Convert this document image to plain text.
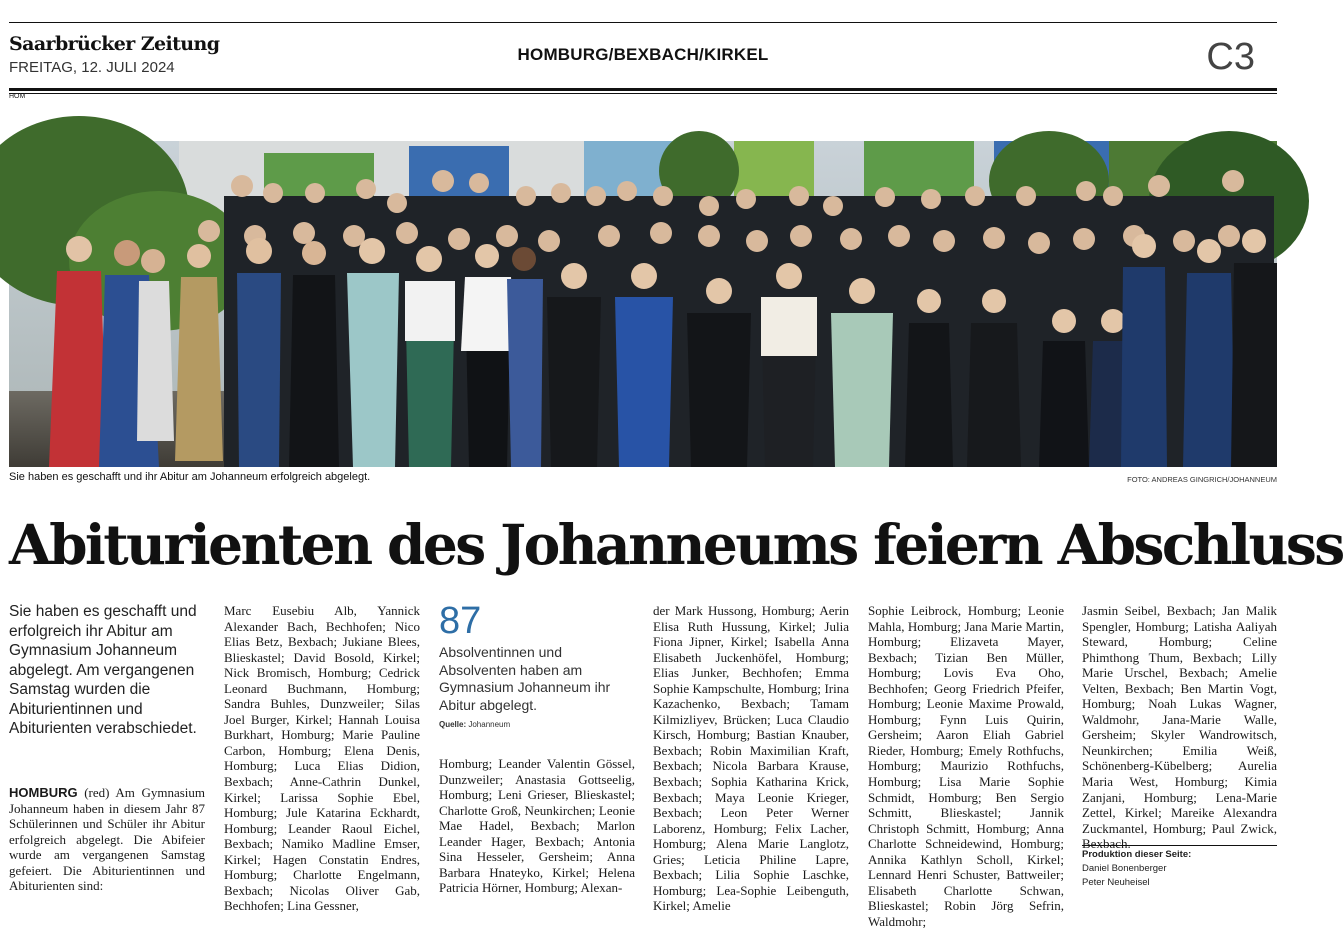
Saarbrücker Zeitung
FREITAG, 12. JULI 2024
HOMBURG/BEXBACH/KIRKEL	C3
HOM
Sie haben es geschafft und ihr Abitur am Johanneum erfolgreich abgelegt.	FOTO: ANDREAS GINGRICH/JOHANNEUM
Abiturienten des Johanneums feiern Abschluss

Sie haben es geschafft und erfolgreich ihr Abitur am Gymnasium Johanneum abgelegt. Am vergangenen Samstag wurden die Abiturientinnen und Abiturienten verabschiedet.

HOMBURG (red) Am Gymnasium Johanneum haben in diesem Jahr 87 Schülerinnen und Schüler ihr Abitur erfolgreich abgelegt. Die Abifeier wurde am vergangenen Samstag gefeiert. Die Abiturientinnen und Abiturienten sind:

Marc Eusebiu Alb, Yannick Alexander Bach, Bechhofen; Nico Elias Betz, Bexbach; Jukiane Blees, Blieskastel; David Bosold, Kirkel; Nick Bromisch, Homburg; Cedrick Leonard Buchmann, Homburg; Sandra Buhles, Dunzweiler; Silas Joel Burger, Kirkel; Hannah Louisa Burkhart, Homburg; Marie Pauline Carbon, Homburg; Elena Denis, Homburg; Luca Elias Didion, Bexbach; Anne-Cathrin Dunkel, Kirkel; Larissa Sophie Ebel, Homburg; Jule Katarina Eckhardt, Homburg; Leander Raoul Eichel, Bexbach; Namiko Madline Emser, Kirkel; Hagen Constatin Endres, Homburg; Charlotte Engelmann, Bexbach; Nicolas Oliver Gab, Bechhofen; Lina Gessner,

87
Absolventinnen und Absolventen haben am Gymnasium Johanneum ihr Abitur abgelegt.
Quelle: Johanneum

Homburg; Leander Valentin Gössel, Dunzweiler; Anastasia Gottseelig, Homburg; Leni Grieser, Blieskastel; Charlotte Groß, Neunkirchen; Leonie Mae Hadel, Bexbach; Marlon Leander Hager, Bexbach; Antonia Sina Hesseler, Gersheim; Anna Barbara Hnateyko, Kirkel; Helena Patricia Hörner, Homburg; Alexan-

der Mark Hussong, Homburg; Aerin Elisa Ruth Hussung, Kirkel; Julia Fiona Jipner, Kirkel; Isabella Anna Elisabeth Juckenhöfel, Homburg; Elias Junker, Bechhofen; Emma Sophie Kampschulte, Homburg; Irina Kazachenko, Bexbach; Tamam Kilmizliyev, Brücken; Luca Claudio Kirsch, Homburg; Bastian Knauber, Bexbach; Robin Maximilian Kraft, Bexbach; Nicola Barbara Krause, Bexbach; Sophia Katharina Krick, Bexbach; Maya Leonie Krieger, Bexbach; Leon Peter Werner Laborenz, Homburg; Felix Lacher, Homburg; Alena Marie Langlotz, Gries; Leticia Philine Lapre, Bexbach; Lilia Sophie Laschke, Homburg; Lea-Sophie Leibenguth, Kirkel; Amelie

Sophie Leibrock, Homburg; Leonie Mahla, Homburg; Jana Marie Martin, Homburg; Elizaveta Mayer, Bexbach; Tizian Ben Müller, Homburg; Lovis Eva Oho, Bechhofen; Georg Friedrich Pfeifer, Homburg; Leonie Maxime Prowald, Homburg; Fynn Luis Quirin, Gersheim; Aaron Eliah Gabriel Rieder, Homburg; Emely Rothfuchs, Homburg; Maurizio Rothfuchs, Homburg; Lisa Marie Sophie Schmidt, Homburg; Ben Sergio Schmitt, Blieskastel; Jannik Christoph Schmitt, Homburg; Anna Charlotte Schneidewind, Homburg; Annika Kathlyn Scholl, Kirkel; Lennard Henri Schuster, Battweiler; Elisabeth Charlotte Schwan, Blieskastel; Robin Jörg Sefrin, Waldmohr;

Jasmin Seibel, Bexbach; Jan Malik Spengler, Homburg; Latisha Aaliyah Steward, Homburg; Celine Phimthong Thum, Bexbach; Lilly Marie Urschel, Bexbach; Amelie Velten, Bexbach; Ben Martin Vogt, Homburg; Noah Lukas Wagner, Waldmohr, Jana-Marie Walle, Gersheim; Skyler Wandrowitsch, Neunkirchen; Emilia Weiß, Schönenberg-Kübelberg; Aurelia Maria West, Homburg; Kimia Zanjani, Homburg; Lena-Marie Zettel, Kirkel; Mareike Alexandra Zuckmantel, Homburg; Paul Zwick, Bexbach.

Produktion dieser Seite:
Daniel Bonenberger
Peter Neuheisel
